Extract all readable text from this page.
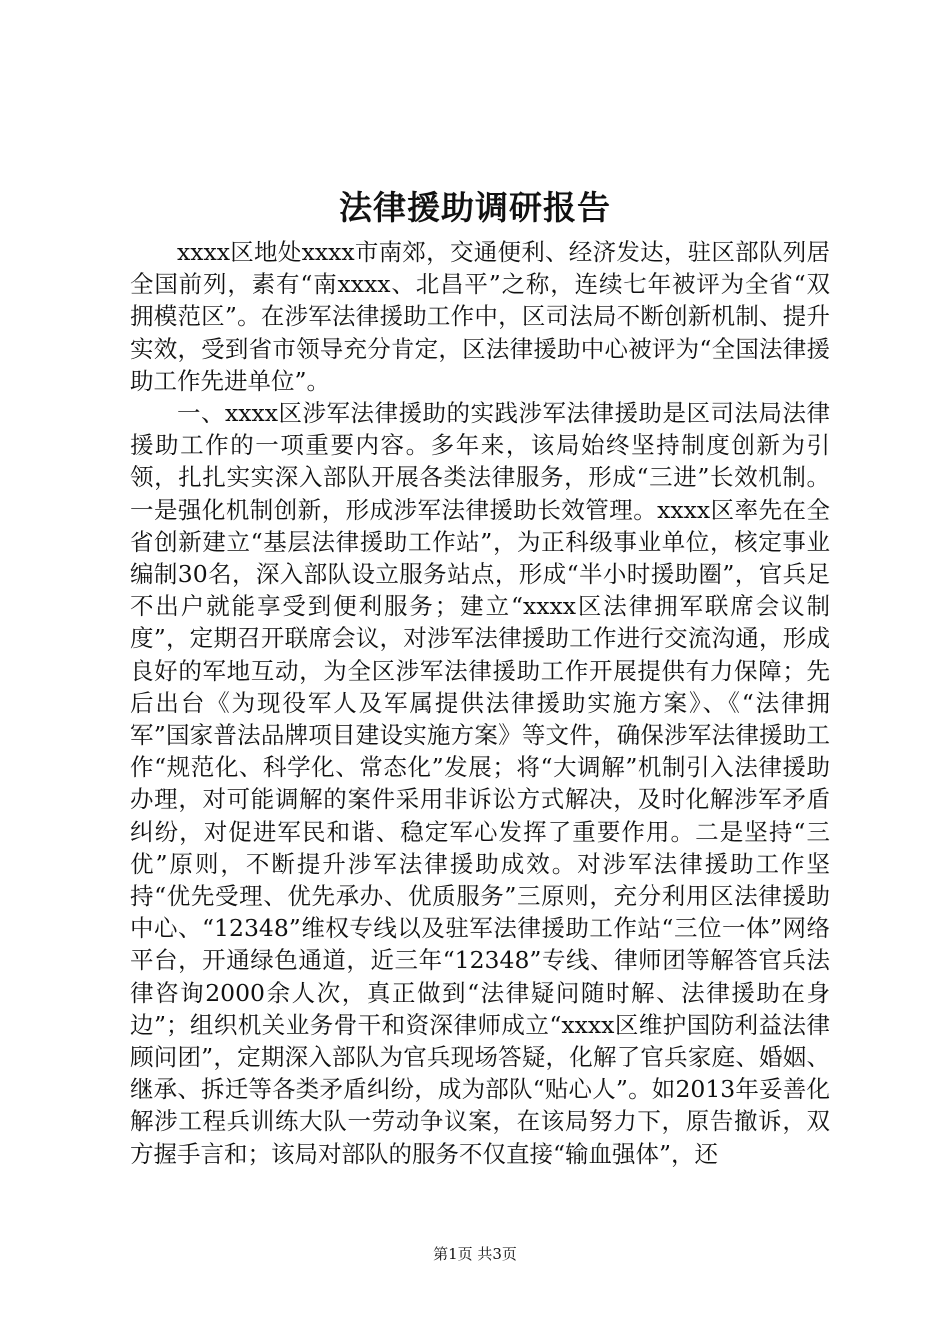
法律援助调研报告

xxxx区地处xxxx市南郊，交通便利、经济发达，驻区部队列居全国前列，素有“南xxxx、北昌平”之称，连续七年被评为全省“双拥模范区”。在涉军法律援助工作中，区司法局不断创新机制、提升实效，受到省市领导充分肯定，区法律援助中心被评为“全国法律援助工作先进单位”。

一、xxxx区涉军法律援助的实践涉军法律援助是区司法局法律援助工作的一项重要内容。多年来，该局始终坚持制度创新为引领，扎扎实实深入部队开展各类法律服务，形成“三进”长效机制。一是强化机制创新，形成涉军法律援助长效管理。xxxx区率先在全省创新建立“基层法律援助工作站”，为正科级事业单位，核定事业编制30名，深入部队设立服务站点，形成“半小时援助圈”，官兵足不出户就能享受到便利服务；建立“xxxx区法律拥军联席会议制度”，定期召开联席会议，对涉军法律援助工作进行交流沟通，形成良好的军地互动，为全区涉军法律援助工作开展提供有力保障；先后出台《为现役军人及军属提供法律援助实施方案》、《“法律拥军”国家普法品牌项目建设实施方案》等文件，确保涉军法律援助工作“规范化、科学化、常态化”发展；将“大调解”机制引入法律援助办理，对可能调解的案件采用非诉讼方式解决，及时化解涉军矛盾纠纷，对促进军民和谐、稳定军心发挥了重要作用。二是坚持“三优”原则，不断提升涉军法律援助成效。对涉军法律援助工作坚持“优先受理、优先承办、优质服务”三原则，充分利用区法律援助中心、“12348”维权专线以及驻军法律援助工作站“三位一体”网络平台，开通绿色通道，近三年“12348”专线、律师团等解答官兵法律咨询2000余人次，真正做到“法律疑问随时解、法律援助在身边”；组织机关业务骨干和资深律师成立“xxxx区维护国防利益法律顾问团”，定期深入部队为官兵现场答疑，化解了官兵家庭、婚姻、继承、拆迁等各类矛盾纠纷，成为部队“贴心人”。如2013年妥善化解涉工程兵训练大队一劳动争议案，在该局努力下，原告撤诉，双方握手言和；该局对部队的服务不仅直接“输血强体”，还

第1页 共3页
